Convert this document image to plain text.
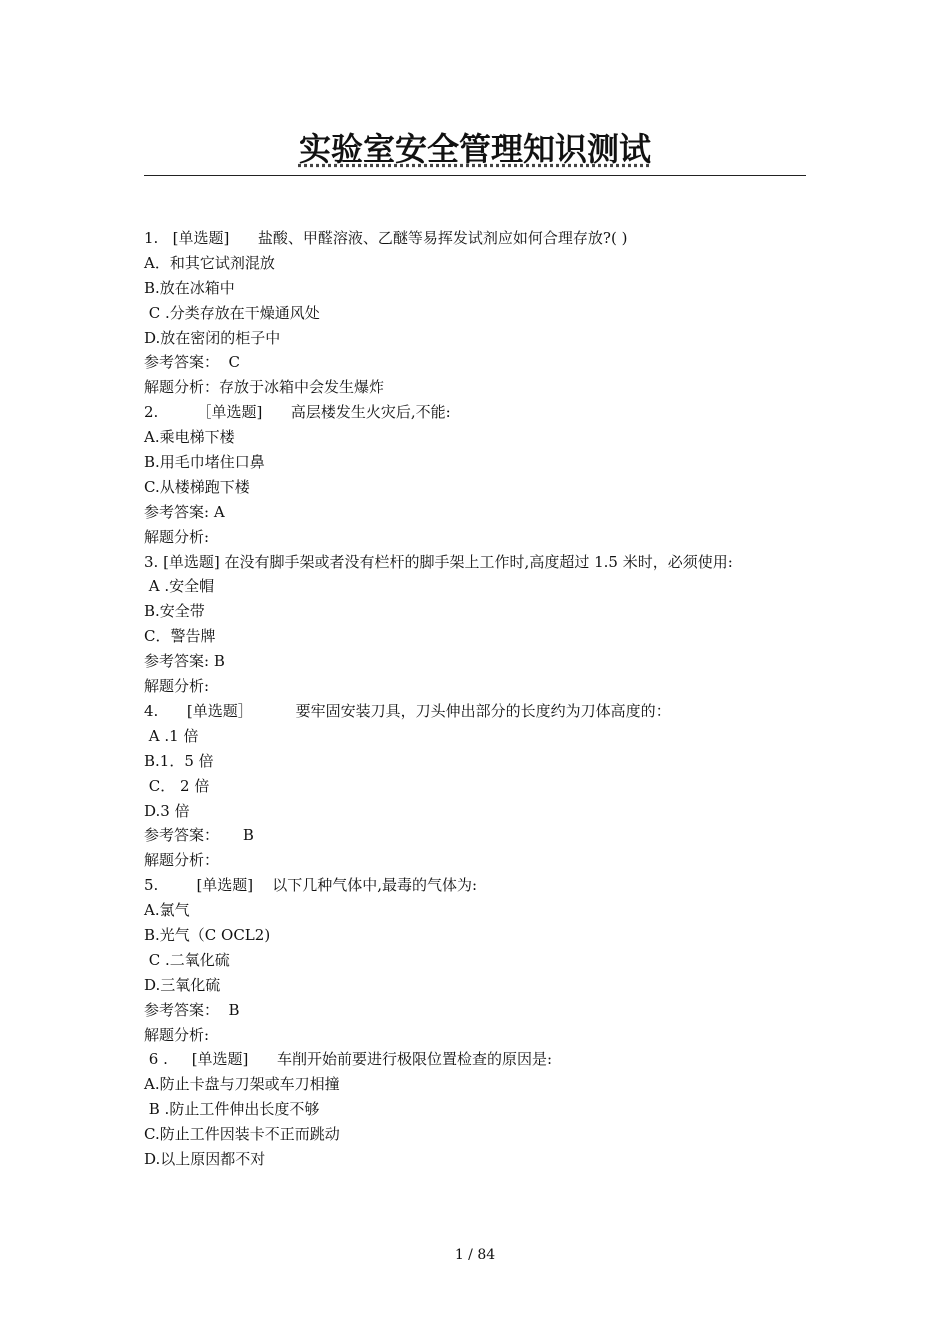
实验室安全管理知识测试
1.   [单选题]      盐酸、甲醛溶液、乙醚等易挥发试剂应如何合理存放?( )
A．和其它试剂混放
B.放在冰箱中
C .分类存放在干燥通风处
D.放在密闭的柜子中
参考答案：  C
解题分析：存放于冰箱中会发生爆炸
2.        ［单选题]      高层楼发生火灾后,不能:
A.乘电梯下楼
B.用毛巾堵住口鼻
C.从楼梯跑下楼
参考答案: A
解题分析:
3. [单选题] 在没有脚手架或者没有栏杆的脚手架上工作时,高度超过 1.5 米时，必须使用:
A .安全帽
B.安全带
C．警告牌
参考答案: B
解题分析:
4.      [单选题］         要牢固安装刀具，刀头伸出部分的长度约为刀体高度的：
A .1 倍
B.1．5 倍
C． 2 倍
D.3 倍
参考答案：     B
解题分析：
5.        [单选题]    以下几种气体中,最毒的气体为:
A.氯气
B.光气（C OCL2)
C .二氧化硫
D.三氧化硫
参考答案：  B
解题分析:
6 .     [单选题]      车削开始前要进行极限位置检查的原因是:
A.防止卡盘与刀架或车刀相撞
B .防止工件伸出长度不够
C.防止工件因装卡不正而跳动
D.以上原因都不对
1 / 84
